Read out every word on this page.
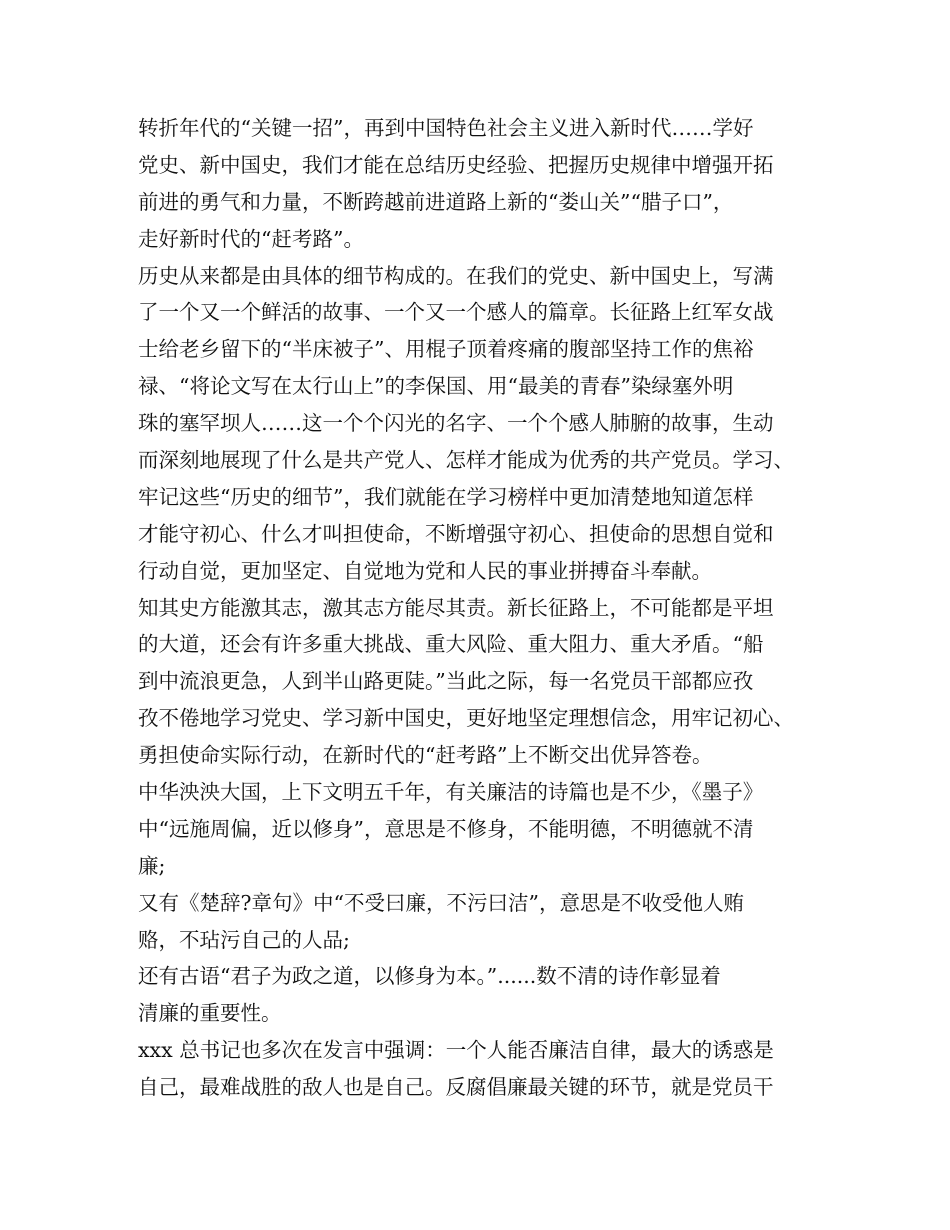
转折年代的“关键一招”，再到中国特色社会主义进入新时代……学好
党史、新中国史，我们才能在总结历史经验、把握历史规律中增强开拓
前进的勇气和力量，不断跨越前进道路上新的“娄山关”“腊子口”，
走好新时代的“赶考路”。
历史从来都是由具体的细节构成的。在我们的党史、新中国史上，写满
了一个又一个鲜活的故事、一个又一个感人的篇章。长征路上红军女战
士给老乡留下的“半床被子”、用棍子顶着疼痛的腹部坚持工作的焦裕
禄、“将论文写在太行山上”的李保国、用“最美的青春”染绿塞外明
珠的塞罕坝人……这一个个闪光的名字、一个个感人肺腑的故事，生动
而深刻地展现了什么是共产党人、怎样才能成为优秀的共产党员。学习、
牢记这些“历史的细节”，我们就能在学习榜样中更加清楚地知道怎样
才能守初心、什么才叫担使命，不断增强守初心、担使命的思想自觉和
行动自觉，更加坚定、自觉地为党和人民的事业拼搏奋斗奉献。
知其史方能激其志，激其志方能尽其责。新长征路上，不可能都是平坦
的大道，还会有许多重大挑战、重大风险、重大阻力、重大矛盾。“船
到中流浪更急，人到半山路更陡。”当此之际，每一名党员干部都应孜
孜不倦地学习党史、学习新中国史，更好地坚定理想信念，用牢记初心、
勇担使命实际行动，在新时代的“赶考路”上不断交出优异答卷。
中华泱泱大国，上下文明五千年，有关廉洁的诗篇也是不少，《墨子》
中“远施周偏，近以修身”，意思是不修身，不能明德，不明德就不清
廉;
又有《楚辞?章句》中“不受曰廉，不污曰洁”，意思是不收受他人贿
赂，不玷污自己的人品;
还有古语“君子为政之道，以修身为本。”......数不清的诗作彰显着
清廉的重要性。
xxx 总书记也多次在发言中强调：一个人能否廉洁自律，最大的诱惑是
自己，最难战胜的敌人也是自己。反腐倡廉最关键的环节，就是党员干
